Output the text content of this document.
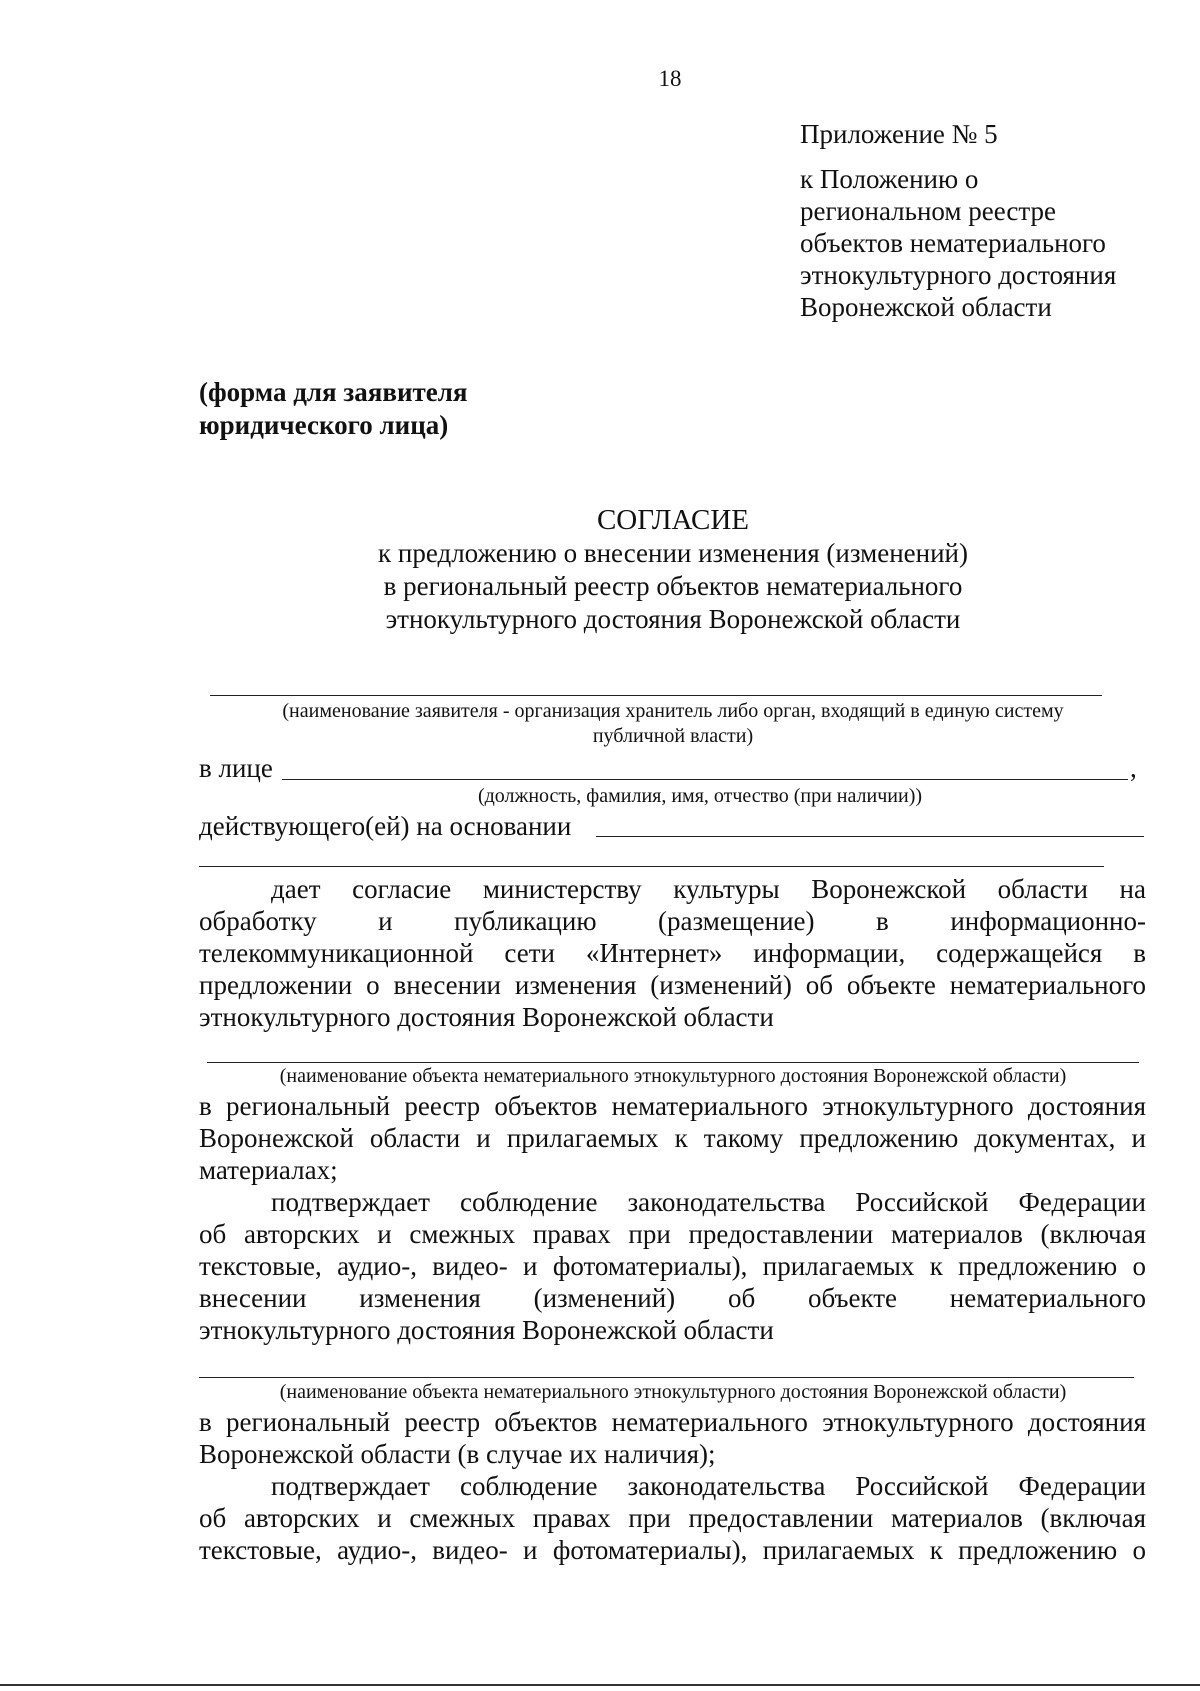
18
Приложение № 5
к Положению о
региональном реестре
объектов нематериального
этнокультурного достояния
Воронежской области
(форма для заявителя
юридического лица)
СОГЛАСИЕ
к предложению о внесении изменения (изменений)
в региональный реестр объектов нематериального
этнокультурного достояния Воронежской области
(наименование заявителя - организация хранитель либо орган, входящий в единую систему
публичной власти)
в лице	,
(должность, фамилия, имя, отчество (при наличии))
действующего(ей) на основании
дает согласие министерству культуры Воронежской области на
обработку и публикацию (размещение) в информационно-
телекоммуникационной сети «Интернет» информации, содержащейся в
предложении о внесении изменения (изменений) об объекте нематериального
этнокультурного достояния Воронежской области
(наименование объекта нематериального этнокультурного достояния Воронежской области)
в региональный реестр объектов нематериального этнокультурного достояния
Воронежской области и прилагаемых к такому предложению документах, и
материалах;
подтверждает соблюдение законодательства Российской Федерации
об авторских и смежных правах при предоставлении материалов (включая
текстовые, аудио-, видео- и фотоматериалы), прилагаемых к предложению о
внесении изменения (изменений) об объекте нематериального
этнокультурного достояния Воронежской области
(наименование объекта нематериального этнокультурного достояния Воронежской области)
в региональный реестр объектов нематериального этнокультурного достояния
Воронежской области (в случае их наличия);
подтверждает соблюдение законодательства Российской Федерации
об авторских и смежных правах при предоставлении материалов (включая
текстовые, аудио-, видео- и фотоматериалы), прилагаемых к предложению о
